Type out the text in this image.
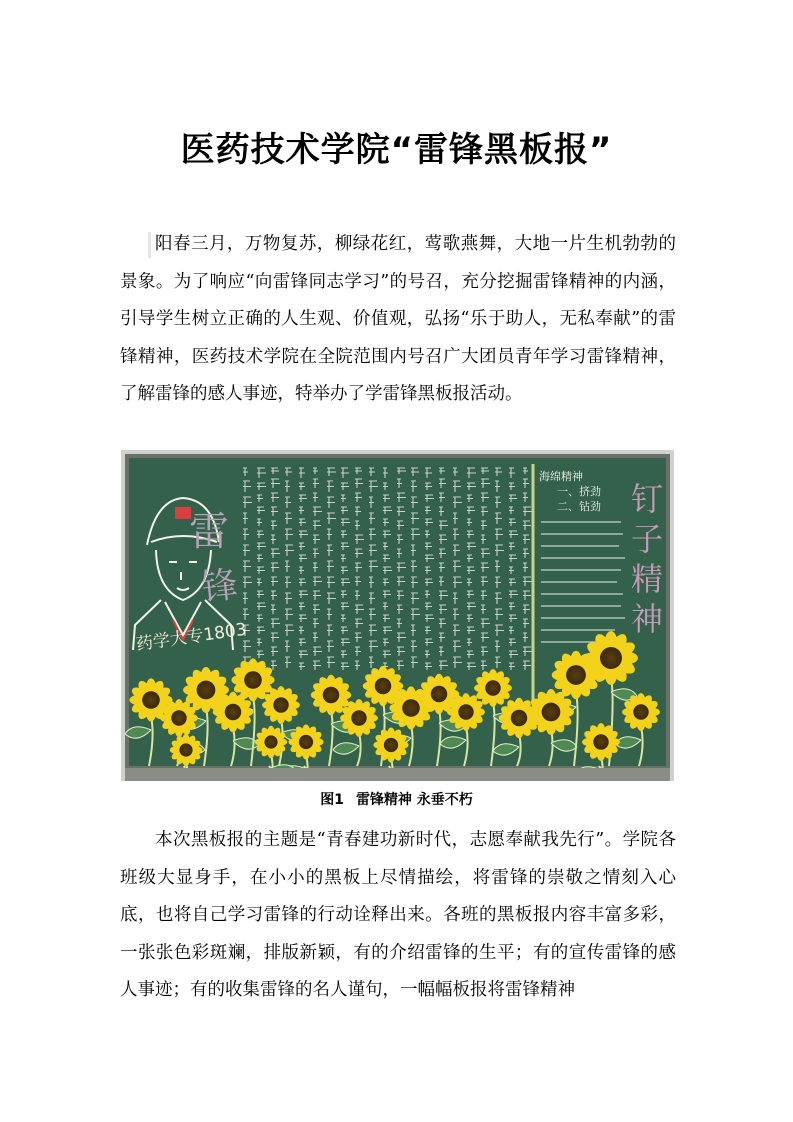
医药技术学院“雷锋黑板报”

阳春三月，万物复苏，柳绿花红，莺歌燕舞，大地一片生机勃勃的景象。为了响应“向雷锋同志学习”的号召，充分挖掘雷锋精神的内涵，引导学生树立正确的人生观、价值观，弘扬“乐于助人，无私奉献”的雷锋精神，医药技术学院在全院范围内号召广大团员青年学习雷锋精神，了解雷锋的感人事迹，特举办了学雷锋黑板报活动。

雷
锋
药学大专1803
海绵精神
一、挤劲
二、钻劲 钉
子
精
神
图1 雷锋精神 永垂不朽

本次黑板报的主题是“青春建功新时代，志愿奉献我先行”。学院各班级大显身手，在小小的黑板上尽情描绘，将雷锋的崇敬之情刻入心底，也将自己学习雷锋的行动诠释出来。各班的黑板报内容丰富多彩，一张张色彩斑斓，排版新颖，有的介绍雷锋的生平；有的宣传雷锋的感人事迹；有的收集雷锋的名人谨句，一幅幅板报将雷锋精神
